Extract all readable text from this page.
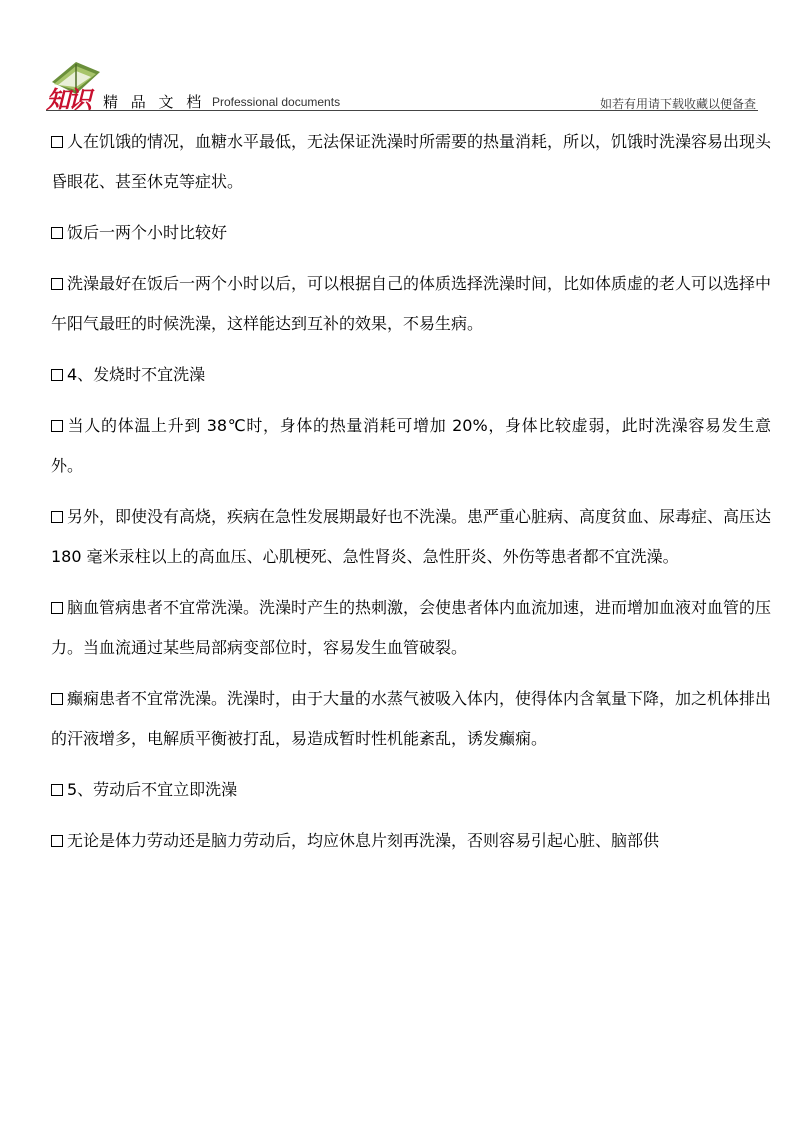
知识 精 品 文 档 Professional documents	如若有用请下载收藏以便备查

人在饥饿的情况，血糖水平最低，无法保证洗澡时所需要的热量消耗，所以，饥饿时洗澡容易出现头昏眼花、甚至休克等症状。

饭后一两个小时比较好

洗澡最好在饭后一两个小时以后，可以根据自己的体质选择洗澡时间，比如体质虚的老人可以选择中午阳气最旺的时候洗澡，这样能达到互补的效果，不易生病。

4、发烧时不宜洗澡

当人的体温上升到 38℃时，身体的热量消耗可增加 20%，身体比较虚弱，此时洗澡容易发生意外。

另外，即使没有高烧，疾病在急性发展期最好也不洗澡。患严重心脏病、高度贫血、尿毒症、高压达 180 毫米汞柱以上的高血压、心肌梗死、急性肾炎、急性肝炎、外伤等患者都不宜洗澡。

脑血管病患者不宜常洗澡。洗澡时产生的热刺激，会使患者体内血流加速，进而增加血液对血管的压力。当血流通过某些局部病变部位时，容易发生血管破裂。

癫痫患者不宜常洗澡。洗澡时，由于大量的水蒸气被吸入体内，使得体内含氧量下降，加之机体排出的汗液增多，电解质平衡被打乱，易造成暂时性机能紊乱，诱发癫痫。

5、劳动后不宜立即洗澡

无论是体力劳动还是脑力劳动后，均应休息片刻再洗澡，否则容易引起心脏、脑部供
